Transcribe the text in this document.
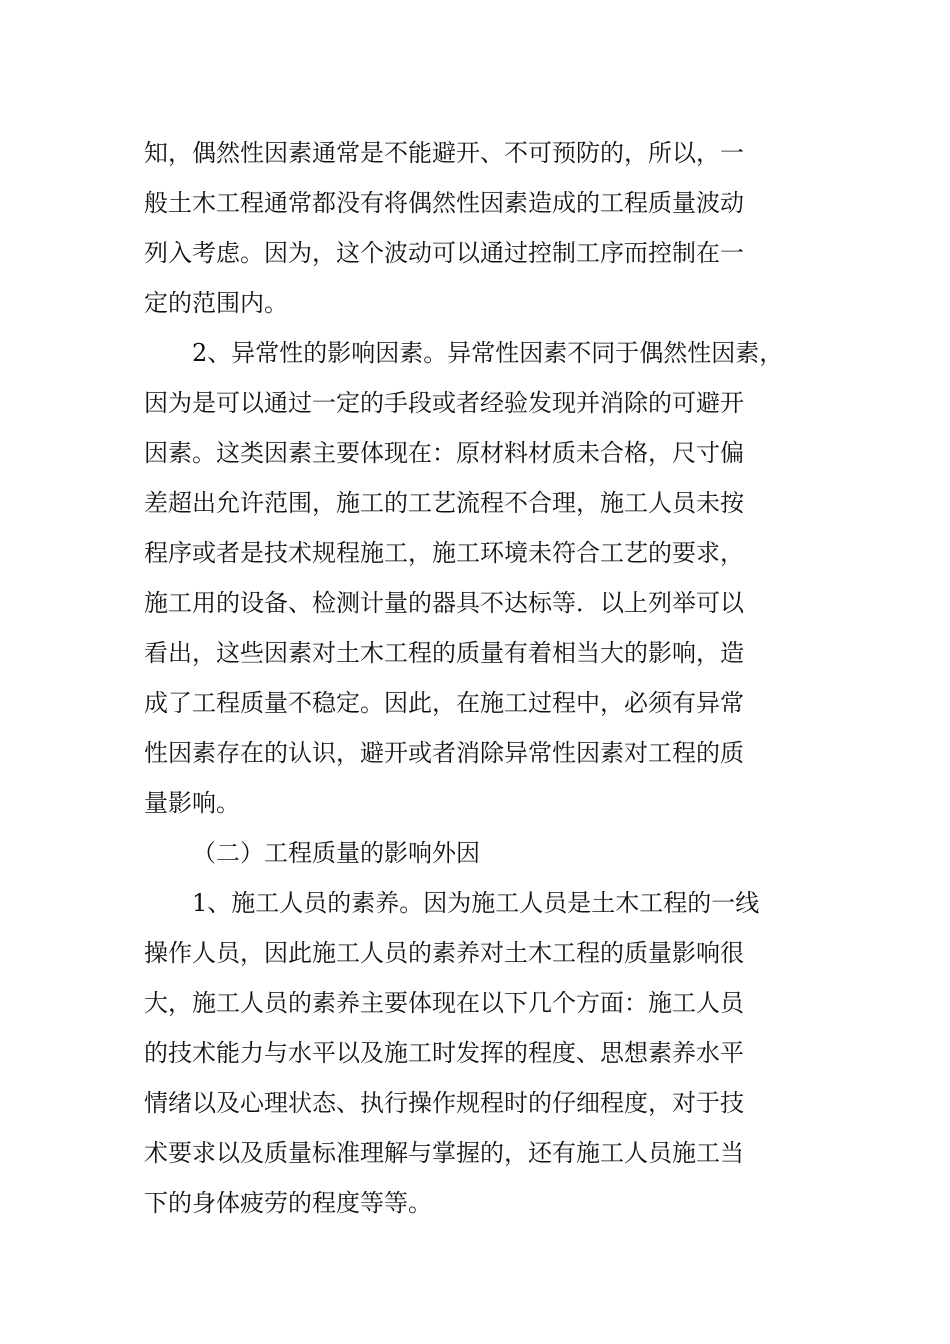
知，偶然性因素通常是不能避开、不可预防的，所以，一
般土木工程通常都没有将偶然性因素造成的工程质量波动
列入考虑。因为，这个波动可以通过控制工序而控制在一
定的范围内。
2、异常性的影响因素。异常性因素不同于偶然性因素，
因为是可以通过一定的手段或者经验发现并消除的可避开
因素。这类因素主要体现在：原材料材质未合格，尺寸偏
差超出允许范围，施工的工艺流程不合理，施工人员未按
程序或者是技术规程施工，施工环境未符合工艺的要求，
施工用的设备、检测计量的器具不达标等．以上列举可以
看出，这些因素对土木工程的质量有着相当大的影响，造
成了工程质量不稳定。因此，在施工过程中，必须有异常
性因素存在的认识，避开或者消除异常性因素对工程的质
量影响。
（二）工程质量的影响外因
1、施工人员的素养。因为施工人员是土木工程的一线
操作人员，因此施工人员的素养对土木工程的质量影响很
大，施工人员的素养主要体现在以下几个方面：施工人员
的技术能力与水平以及施工时发挥的程度、思想素养水平
情绪以及心理状态、执行操作规程时的仔细程度，对于技
术要求以及质量标准理解与掌握的，还有施工人员施工当
下的身体疲劳的程度等等。
